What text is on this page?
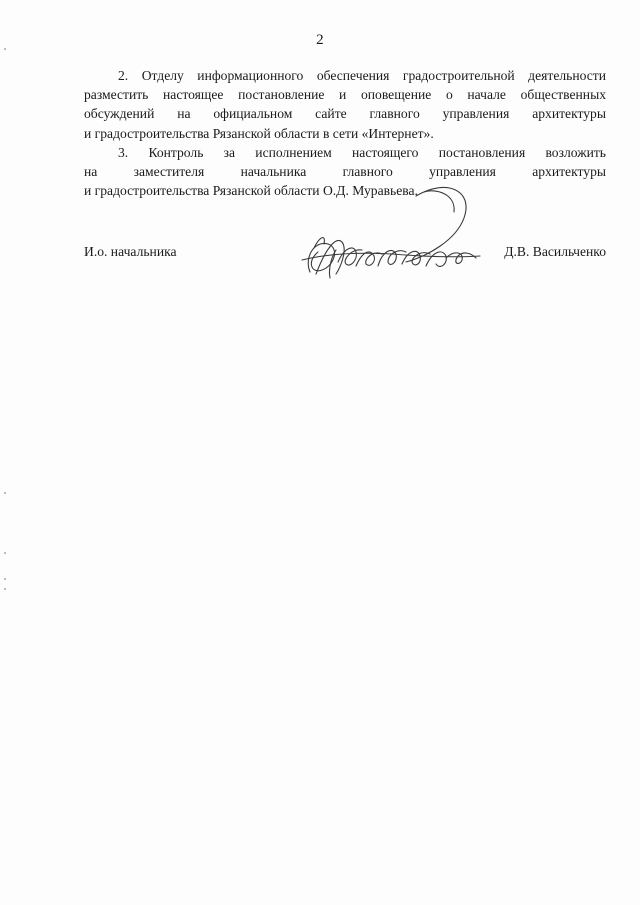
2

2. Отделу информационного обеспечения градостроительной деятельности
разместить настоящее постановление и оповещение о начале общественных
обсуждений на официальном сайте главного управления архитектуры
и градостроительства Рязанской области в сети «Интернет».

3. Контроль за исполнением настоящего постановления возложить
на заместителя начальника главного управления архитектуры
и градостроительства Рязанской области О.Д. Муравьева.

И.о. начальника	Д.В. Васильченко
